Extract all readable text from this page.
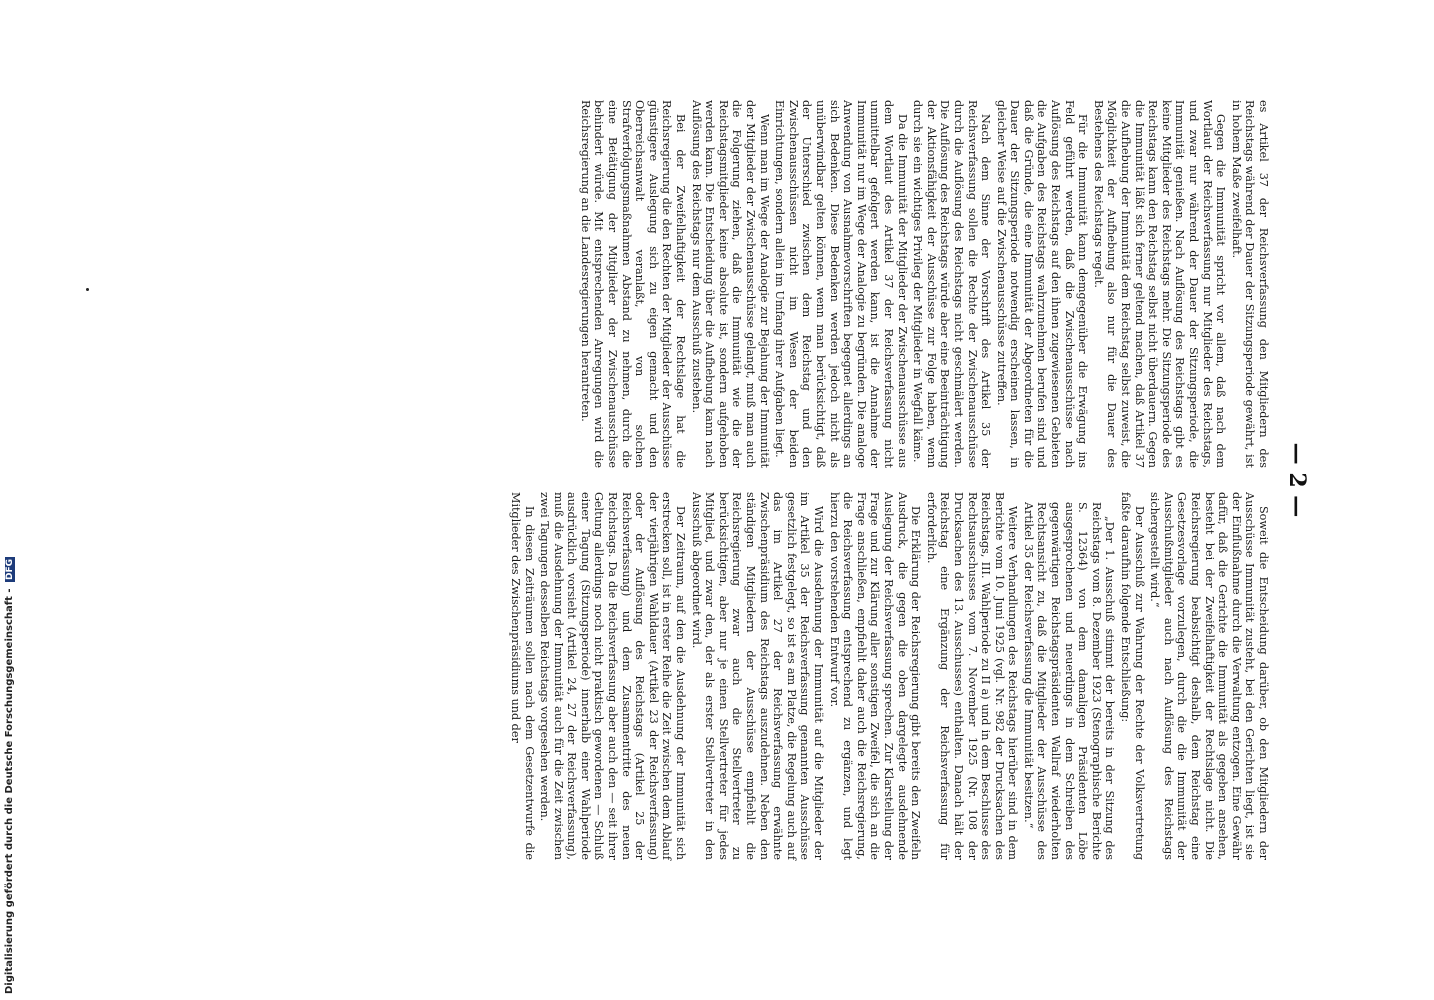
— 2 —

es Artikel 37 der Reichsverfassung den Mitgliedern des Reichstags während der Dauer der Sitzungsperiode gewährt, ist in hohem Maße zweifelhaft.

Gegen die Immunität spricht vor allem, daß nach dem Wortlaut der Reichsverfassung nur Mitglieder des Reichstags, und zwar nur während der Dauer der Sitzungsperiode, die Immunität genießen. Nach Auflösung des Reichstags gibt es keine Mitglieder des Reichstags mehr. Die Sitzungsperiode des Reichstags kann den Reichstag selbst nicht überdauern. Gegen die Immunität läßt sich ferner geltend machen, daß Artikel 37 die Aufhebung der Immunität dem Reichstag selbst zuweist, die Möglichkeit der Aufhebung also nur für die Dauer des Bestehens des Reichstags regelt.

Für die Immunität kann demgegenüber die Erwägung ins Feld geführt werden, daß die Zwischenausschüsse nach Auflösung des Reichstags auf den ihnen zugewiesenen Gebieten die Aufgaben des Reichstags wahrzunehmen berufen sind und daß die Gründe, die eine Immunität der Abgeordneten für die Dauer der Sitzungsperiode notwendig erscheinen lassen, in gleicher Weise auf die Zwischenausschüsse zutreffen.

Nach dem Sinne der Vorschrift des Artikel 35 der Reichsverfassung sollen die Rechte der Zwischenausschüsse durch die Auflösung des Reichstags nicht geschmälert werden. Die Auflösung des Reichstags würde aber eine Beeinträchtigung der Aktionsfähigkeit der Ausschüsse zur Folge haben, wenn durch sie ein wichtiges Privileg der Mitglieder in Wegfall käme.

Da die Immunität der Mitglieder der Zwischenausschüsse aus dem Wortlaut des Artikel 37 der Reichsverfassung nicht unmittelbar gefolgert werden kann, ist die Annahme der Immunität nur im Wege der Analogie zu begründen. Die analoge Anwendung von Ausnahmevorschriften begegnet allerdings an sich Bedenken. Diese Bedenken werden jedoch nicht als unüberwindbar gelten können, wenn man berücksichtigt, daß der Unterschied zwischen dem Reichstag und den Zwischenausschüssen nicht im Wesen der beiden Einrichtungen, sondern allein im Umfang ihrer Aufgaben liegt.

Wenn man im Wege der Analogie zur Bejahung der Immunität der Mitglieder der Zwischenausschüsse gelangt, muß man auch die Folgerung ziehen, daß die Immunität wie die der Reichstagsmitglieder keine absolute ist, sondern aufgehoben werden kann. Die Entscheidung über die Aufhebung kann nach Auflösung des Reichstags nur dem Ausschuß zustehen.

Bei der Zweifelhaftigkeit der Rechtslage hat die Reichsregierung die den Rechten der Mitglieder der Ausschüsse günstigere Auslegung sich zu eigen gemacht und den Oberreichsanwalt veranlaßt, von solchen Strafverfolgungsmaßnahmen Abstand zu nehmen, durch die eine Betätigung der Mitglieder der Zwischenausschüsse behindert würde. Mit entsprechenden Anregungen wird die Reichsregierung an die Landesregierungen herantreten.

Soweit die Entscheidung darüber, ob den Mitgliedern der Ausschüsse Immunität zusteht, bei den Gerichten liegt, ist sie der Einflußnahme durch die Verwaltung entzogen. Eine Gewähr dafür, daß die Gerichte die Immunität als gegeben ansehen, besteht bei der Zweifelhaftigkeit der Rechtslage nicht. Die Reichsregierung beabsichtigt deshalb, dem Reichstag eine Gesetzesvorlage vorzulegen, durch die die Immunität der Ausschußmitglieder auch nach Auflösung des Reichstags sichergestellt wird.“

Der Ausschuß zur Wahrung der Rechte der Volksvertretung faßte daraufhin folgende Entschließung:

„Der 1. Ausschuß stimmt der bereits in der Sitzung des Reichstags vom 8. Dezember 1923 (Stenographische Berichte S. 12364) von dem damaligen Präsidenten Löbe ausgesprochenen und neuerdings in dem Schreiben des gegenwärtigen Reichstagspräsidenten Wallraf wiederholten Rechtsansicht zu, daß die Mitglieder der Ausschüsse des Artikel 35 der Reichsverfassung die Immunität besitzen.“

Weitere Verhandlungen des Reichstags hierüber sind in dem Berichte vom 10. Juni 1925 (vgl. Nr. 982 der Drucksachen des Reichstags, III. Wahlperiode zu II a) und in dem Beschlusse des Rechtsausschusses vom 7. November 1925 (Nr. 108 der Drucksachen des 13. Ausschusses) enthalten. Danach hält der Reichstag eine Ergänzung der Reichsverfassung für erforderlich.

Die Erklärung der Reichsregierung gibt bereits den Zweifeln Ausdruck, die gegen die oben dargelegte ausdehnende Auslegung der Reichsverfassung sprechen. Zur Klarstellung der Frage und zur Klärung aller sonstigen Zweifel, die sich an die Frage anschließen, empfiehlt daher auch die Reichsregierung, die Reichsverfassung entsprechend zu ergänzen, und legt hierzu den vorstehenden Entwurf vor.

Wird die Ausdehnung der Immunität auf die Mitglieder der im Artikel 35 der Reichsverfassung genannten Ausschüsse gesetzlich festgelegt, so ist es am Platze, die Regelung auch auf das im Artikel 27 der Reichsverfassung erwähnte Zwischenpräsidium des Reichstags auszudehnen. Neben den ständigen Mitgliedern der Ausschüsse empfiehlt die Reichsregierung zwar auch die Stellvertreter zu berücksichtigen, aber nur je einen Stellvertreter für jedes Mitglied, und zwar den, der als erster Stellvertreter in den Ausschuß abgeordnet wird.

Der Zeitraum, auf den die Ausdehnung der Immunität sich erstrecken soll, ist in erster Reihe die Zeit zwischen dem Ablauf der vierjährigen Wahldauer (Artikel 23 der Reichsverfassung) oder der Auflösung des Reichstags (Artikel 25 der Reichsverfassung) und dem Zusammentritte des neuen Reichstags. Da die Reichsverfassung aber auch den — seit ihrer Geltung allerdings noch nicht praktisch gewordenen — Schluß einer Tagung (Sitzungsperiode) innerhalb einer Wahlperiode ausdrücklich vorsieht (Artikel 24, 27 der Reichsverfassung), muß die Ausdehnung der Immunität auch für die Zeit zwischen zwei Tagungen desselben Reichstags vorgesehen werden.

In diesen Zeiträumen sollen nach dem Gesetzentwurfe die Mitglieder des Zwischenpräsidiums und der

Digitalisierung gefördert durch die Deutsche Forschungsgemeinschaft - DFG
